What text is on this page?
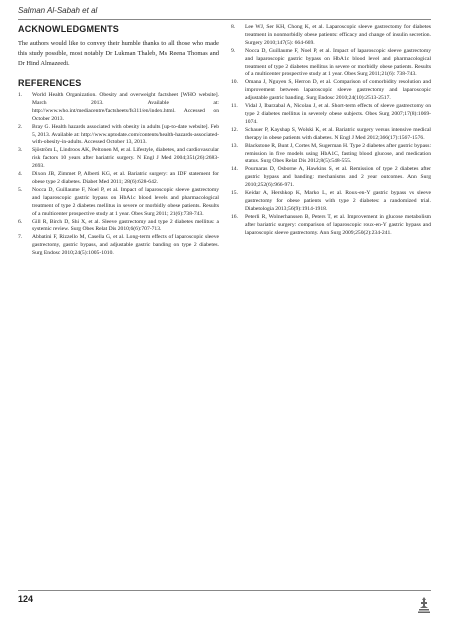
Salman Al-Sabah et al
ACKNOWLEDGMENTS

The authors would like to convey their humble thanks to all those who made this study possible, most notably Dr Lukman Thaleb, Ms Reena Thomas and Dr Hind Almazeedi.

REFERENCES
1.	World Health Organization. Obesity and overweight factsheet [WHO website]. March 2013. Available at: http://www.who.int/mediacentre/factsheets/fs311/en/index.html. Accessed on October 2013.
2.	Bray G. Health hazards associated with obesity in adults [up-to-date website]. Feb 5, 2013. Available at: http://www.uptodate.com/contents/health-hazards-associated-with-obesity-in-adults. Accessed October 13, 2013.
3.	Sjöström L, Lindroos AK, Peltonen M, et al. Lifestyle, diabetes, and cardiovascular risk factors 10 years after bariatric surgery. N Engl J Med 2004;351(26):2683-2693.
4.	Dixon JB, Zimmet P, Alberti KG, et al. Bariatric surgery: an IDF statement for obese type 2 diabetes. Diabet Med 2011; 28(6):628-642.
5.	Nocca D, Guillaume F, Noel P, et al. Impact of laparoscopic sleeve gastrectomy and laparoscopic gastric bypass on HbA1c blood levels and pharmacological treatment of type 2 diabetes mellitus in severe or morbidly obese patients. Results of a multicenter prospective study at 1 year. Obes Surg 2011; 21(6):738-743.
6.	Gill R, Birch D, Shi X, et al. Sleeve gastrectomy and type 2 diabetes mellitus: a systemic review. Surg Obes Relat Dis 2010;6(6):707-713.
7.	Abbatini F, Rizzello M, Casella G, et al. Long-term effects of laparoscopic sleeve gastrectomy, gastric bypass, and adjustable gastric banding on type 2 diabetes. Surg Endosc 2010;24(5):1005-1010.
8.	Lee WJ, Ser KH, Chong K, et al. Laparoscopic sleeve gastrectomy for diabetes treatment in nonmorbidly obese patients: efficacy and change of insulin secretion. Surgery 2010;147(5): 664-669.
9.	Nocca D, Guillaume F, Noel P, et al. Impact of laparoscopic sleeve gastrectomy and laparoscopic gastric bypass on HbA1c blood level and pharmacological treatment of type 2 diabetes mellitus in severe or morbidly obese patients. Results of a multicenter prospective study at 1 year. Obes Surg 2011;21(6): 738-743.
10.	Omana J, Nguyen S, Herron D, et al. Comparison of comorbidity resolution and improvement between laparoscopic sleeve gastrectomy and laparoscopic adjustable gastric banding. Surg Endosc 2010;24(10):2513-2517.
11.	Vidal J, Ibarzabal A, Nicolau J, et al. Short-term effects of sleeve gastrectomy on type 2 diabetes mellitus in severely obese subjects. Obes Surg 2007;17(8):1069-1074.
12.	Schauer P, Kayshap S, Wolski K, et al. Bariatric surgery versus intensive medical therapy in obese patients with diabetes. N Engl J Med 2012;366(17):1567-1576.
13.	Blackstone R, Bunt J, Cortes M, Sugerman H. Type 2 diabetes after gastric bypass: remission in five models using HbA1C, fasting blood glucose, and medication status. Surg Obes Relat Dis 2012;8(5):548-555.
14.	Pournaras D, Osborne A, Hawkins S, et al. Remission of type 2 diabetes after gastric bypass and banding: mechanisms and 2 year outcomes. Ann Surg 2010;252(6):966-971.
15.	Keidar A, Hershkop K, Marko L, et al. Roux-en-Y gastric bypass vs sleeve gastrectomy for obese patients with type 2 diabetes: a randomized trial. Diabetologia 2013;56(9):1914-1918.
16.	Peterli R, Wolnerhanssen B, Peters T, et al. Improvement in glucose metabolism after bariatric surgery: comparison of laparoscopic roux-en-Y gastric bypass and laparoscopic sleeve gastrectomy. Ann Surg 2009;250(2):234-241.
124
